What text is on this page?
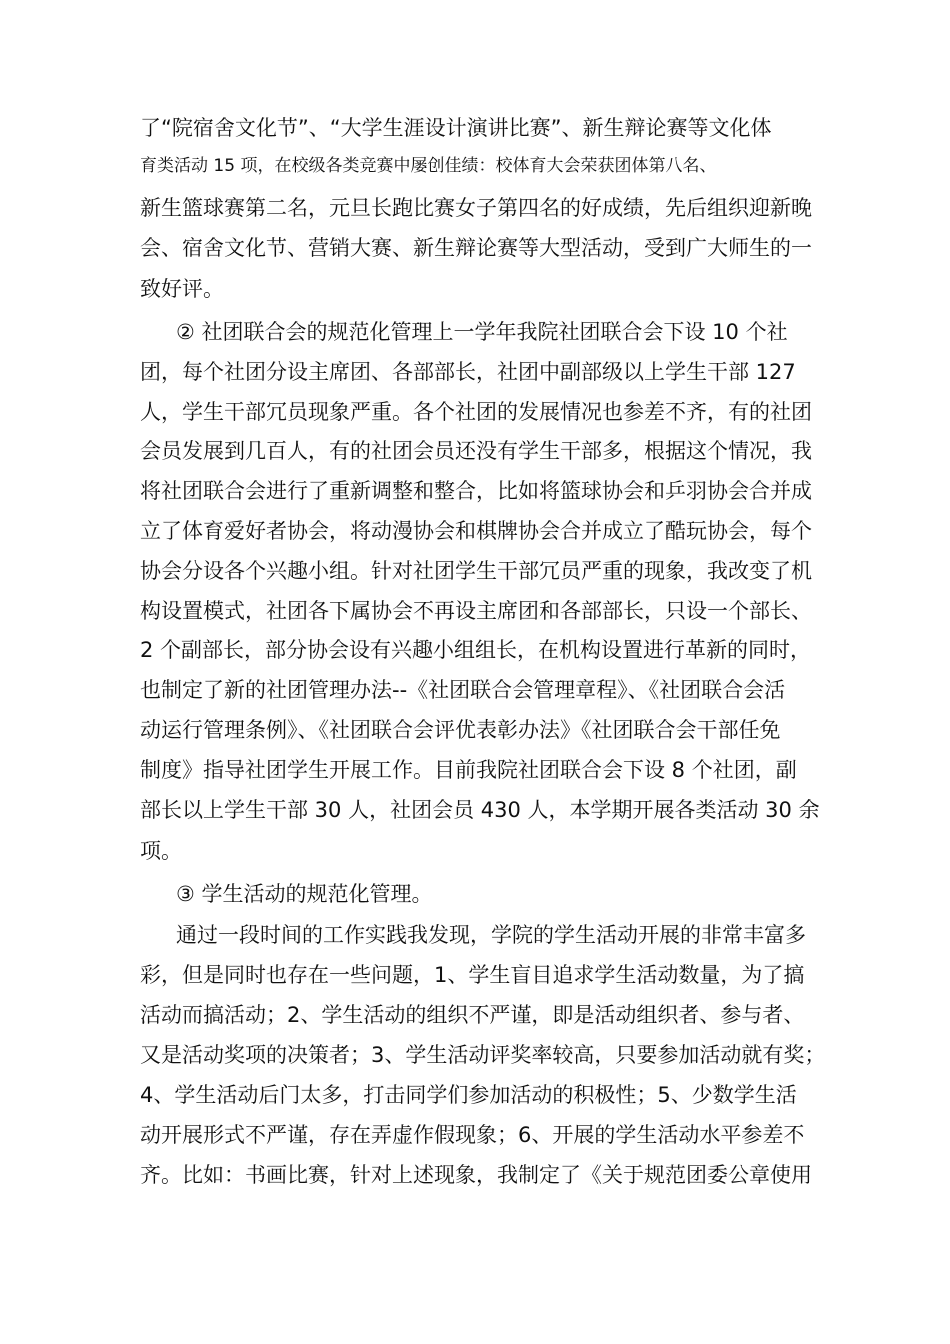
了“院宿舍文化节”、“大学生涯设计演讲比赛”、新生辩论赛等文化体
育类活动 15 项，在校级各类竞赛中屡创佳绩：校体育大会荣获团体第八名、
新生篮球赛第二名，元旦长跑比赛女子第四名的好成绩，先后组织迎新晚
会、宿舍文化节、营销大赛、新生辩论赛等大型活动，受到广大师生的一
致好评。
② 社团联合会的规范化管理上一学年我院社团联合会下设 10 个社
团，每个社团分设主席团、各部部长，社团中副部级以上学生干部 127
人，学生干部冗员现象严重。各个社团的发展情况也参差不齐，有的社团
会员发展到几百人，有的社团会员还没有学生干部多，根据这个情况，我
将社团联合会进行了重新调整和整合，比如将篮球协会和乒羽协会合并成
立了体育爱好者协会，将动漫协会和棋牌协会合并成立了酷玩协会，每个
协会分设各个兴趣小组。针对社团学生干部冗员严重的现象，我改变了机
构设置模式，社团各下属协会不再设主席团和各部部长，只设一个部长、
2 个副部长，部分协会设有兴趣小组组长，在机构设置进行革新的同时，
也制定了新的社团管理办法--《社团联合会管理章程》、《社团联合会活
动运行管理条例》、《社团联合会评优表彰办法》《社团联合会干部任免
制度》指导社团学生开展工作。目前我院社团联合会下设 8 个社团，副
部长以上学生干部 30 人，社团会员 430 人，本学期开展各类活动 30 余
项。
③ 学生活动的规范化管理。
通过一段时间的工作实践我发现，学院的学生活动开展的非常丰富多
彩，但是同时也存在一些问题，1、学生盲目追求学生活动数量，为了搞
活动而搞活动；2、学生活动的组织不严谨，即是活动组织者、参与者、
又是活动奖项的决策者；3、学生活动评奖率较高，只要参加活动就有奖；
4、学生活动后门太多，打击同学们参加活动的积极性；5、少数学生活
动开展形式不严谨，存在弄虚作假现象；6、开展的学生活动水平参差不
齐。比如：书画比赛，针对上述现象，我制定了《关于规范团委公章使用
